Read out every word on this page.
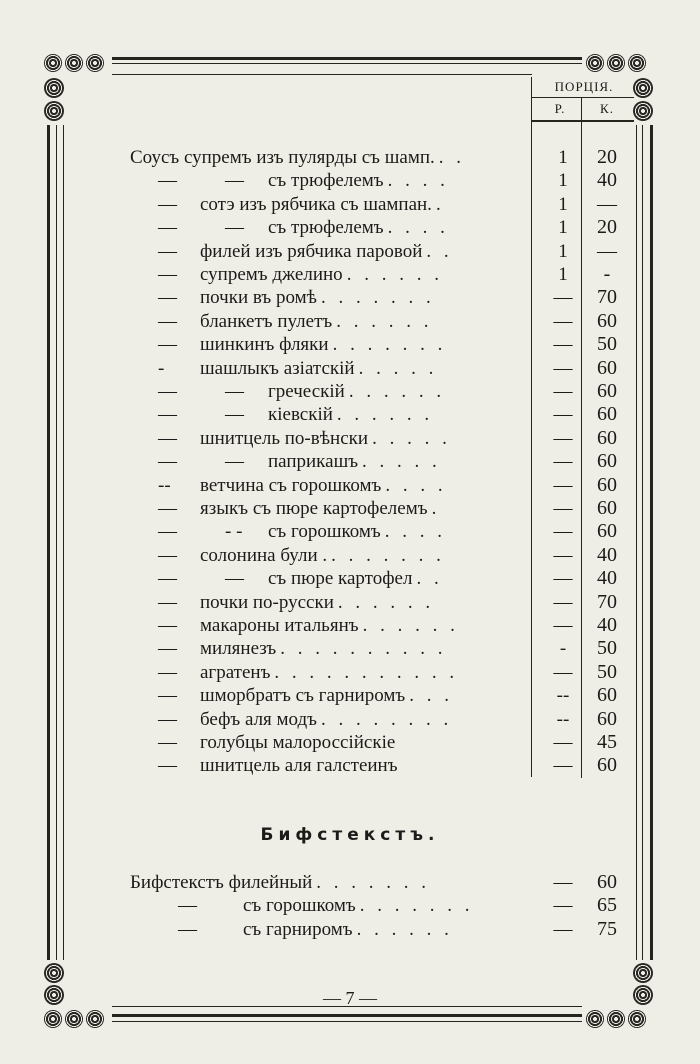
ПОРЦІЯ.
Р.	К.
Соусъ супремъ изъ пулярды съ шамп. . .	1	20
—	— съ трюфелемъ . . . .	1	40
— сотэ изъ рябчика съ шампан. .	1	—
—	— съ трюфелемъ . . . .	1	20
— филей изъ рябчика паровой . .	1	—
— супремъ джелино . . . . . .	1	-
— почки въ ромѣ . . . . . . .	—	70
— бланкетъ пулетъ . . . . . .	—	60
— шинкинъ фляки . . . . . . .	—	50
- шашлыкъ азіатскій . . . . .	—	60
—	— греческій . . . . . .	—	60
—	— кіевскій . . . . . .	—	60
— шнитцель по-вѣнски . . . . .	—	60
—	— паприкашъ . . . . .	—	60
-- ветчина съ горошкомъ . . . .	—	60
— языкъ съ пюре картофелемъ .	—	60
—	- - съ горошкомъ . . . .	—	60
— солонина були . . . . . . . .	—	40
—	— съ пюре картофел . .	—	40
— почки по-русски . . . . . .	—	70
— макароны итальянъ . . . . . .	—	40
— милянезъ . . . . . . . . . .	-	50
— агратенъ . . . . . . . . . . .	—	50
— шморбратъ съ гарниромъ . . .	--	60
— бефъ аля модъ . . . . . . . .	--	60
— голубцы малороссійскіе	—	45
— шнитцель аля галстеинъ	—	60
Бифстекстъ.
Бифстекстъ филейный . . . . . . .	—	60
— съ горошкомъ . . . . . . .	—	65
— съ гарниромъ . . . . . .	—	75
— 7 —
